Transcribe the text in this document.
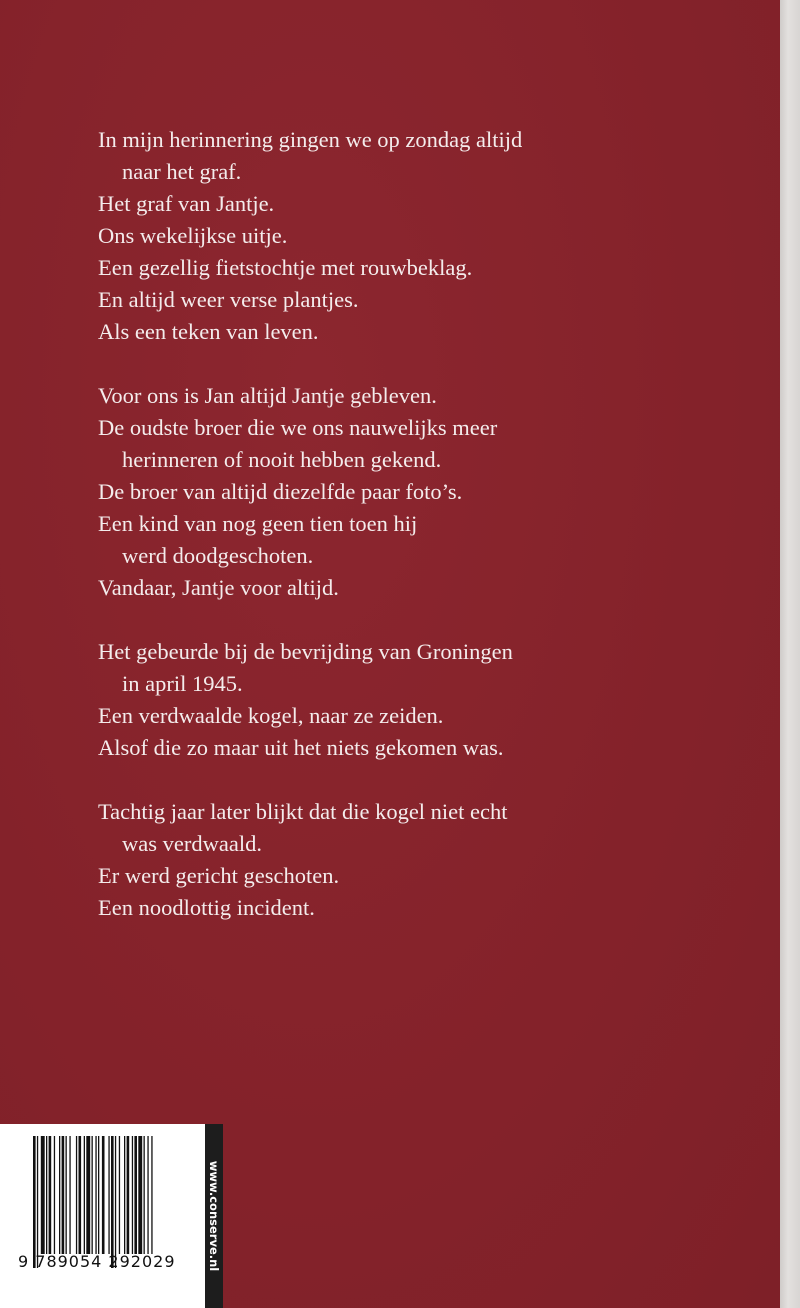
In mijn herinnering gingen we op zondag altijd
naar het graf.
Het graf van Jantje.
Ons wekelijkse uitje.
Een gezellig fietstochtje met rouwbeklag.
En altijd weer verse plantjes.
Als een teken van leven.
Voor ons is Jan altijd Jantje gebleven.
De oudste broer die we ons nauwelijks meer
herinneren of nooit hebben gekend.
De broer van altijd diezelfde paar foto’s.
Een kind van nog geen tien toen hij
werd doodgeschoten.
Vandaar, Jantje voor altijd.
Het gebeurde bij de bevrijding van Groningen
in april 1945.
Een verdwaalde kogel, naar ze zeiden.
Alsof die zo maar uit het niets gekomen was.
Tachtig jaar later blijkt dat die kogel niet echt
was verdwaald.
Er werd gericht geschoten.
Een noodlottig incident.
9 789054 292029	www.conserve.nl
